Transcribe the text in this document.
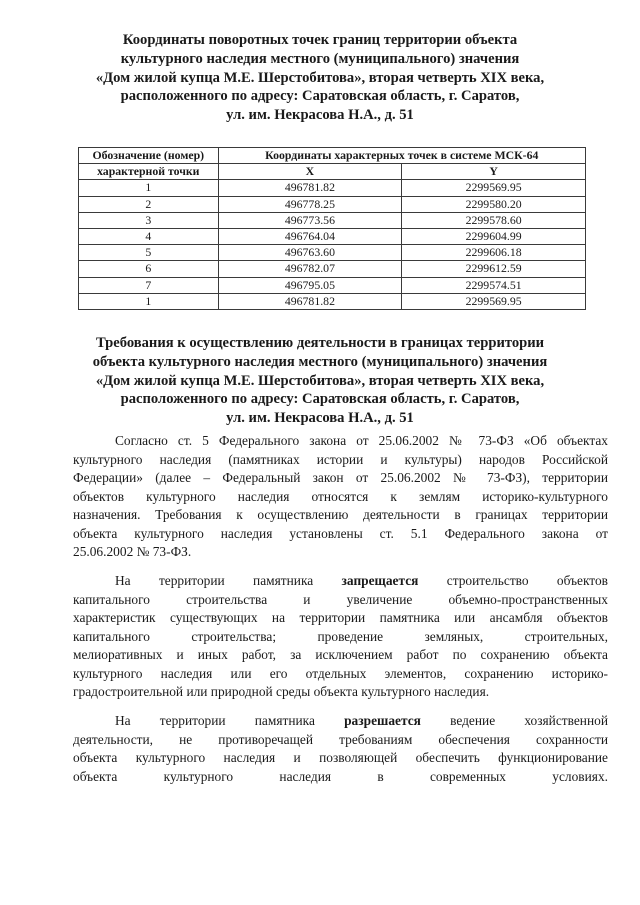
Координаты поворотных точек границ территории объекта
культурного наследия местного (муниципального) значения
«Дом жилой купца М.Е. Шерстобитова», вторая четверть XIX века,
расположенного по адресу: Саратовская область, г. Саратов,
ул. им. Некрасова Н.А., д. 51
Обозначение (номер)	Координаты характерных точек в системе МСК-64	
характерной точки	X	Y
1	496781.82	2299569.95
2	496778.25	2299580.20
3	496773.56	2299578.60
4	496764.04	2299604.99
5	496763.60	2299606.18
6	496782.07	2299612.59
7	496795.05	2299574.51
1	496781.82	2299569.95
Требования к осуществлению деятельности в границах территории
объекта культурного наследия местного (муниципального) значения
«Дом жилой купца М.Е. Шерстобитова», вторая четверть XIX века,
расположенного по адресу: Саратовская область, г. Саратов,
ул. им. Некрасова Н.А., д. 51
Согласно ст. 5 Федерального закона от 25.06.2002 № 73-ФЗ «Об объектах
культурного наследия (памятниках истории и культуры) народов Российской
Федерации» (далее – Федеральный закон от 25.06.2002 № 73-ФЗ), территории
объектов культурного наследия относятся к землям историко-культурного
назначения. Требования к осуществлению деятельности в границах территории
объекта культурного наследия установлены ст. 5.1 Федерального закона от
25.06.2002 № 73-ФЗ.
На территории памятника запрещается строительство объектов
капитального строительства и увеличение объемно-пространственных
характеристик существующих на территории памятника или ансамбля объектов
капитального строительства; проведение земляных, строительных,
мелиоративных и иных работ, за исключением работ по сохранению объекта
культурного наследия или его отдельных элементов, сохранению историко-
градостроительной или природной среды объекта культурного наследия.
На территории памятника разрешается ведение хозяйственной
деятельности, не противоречащей требованиям обеспечения сохранности
объекта культурного наследия и позволяющей обеспечить функционирование
объекта культурного наследия в современных условиях.
